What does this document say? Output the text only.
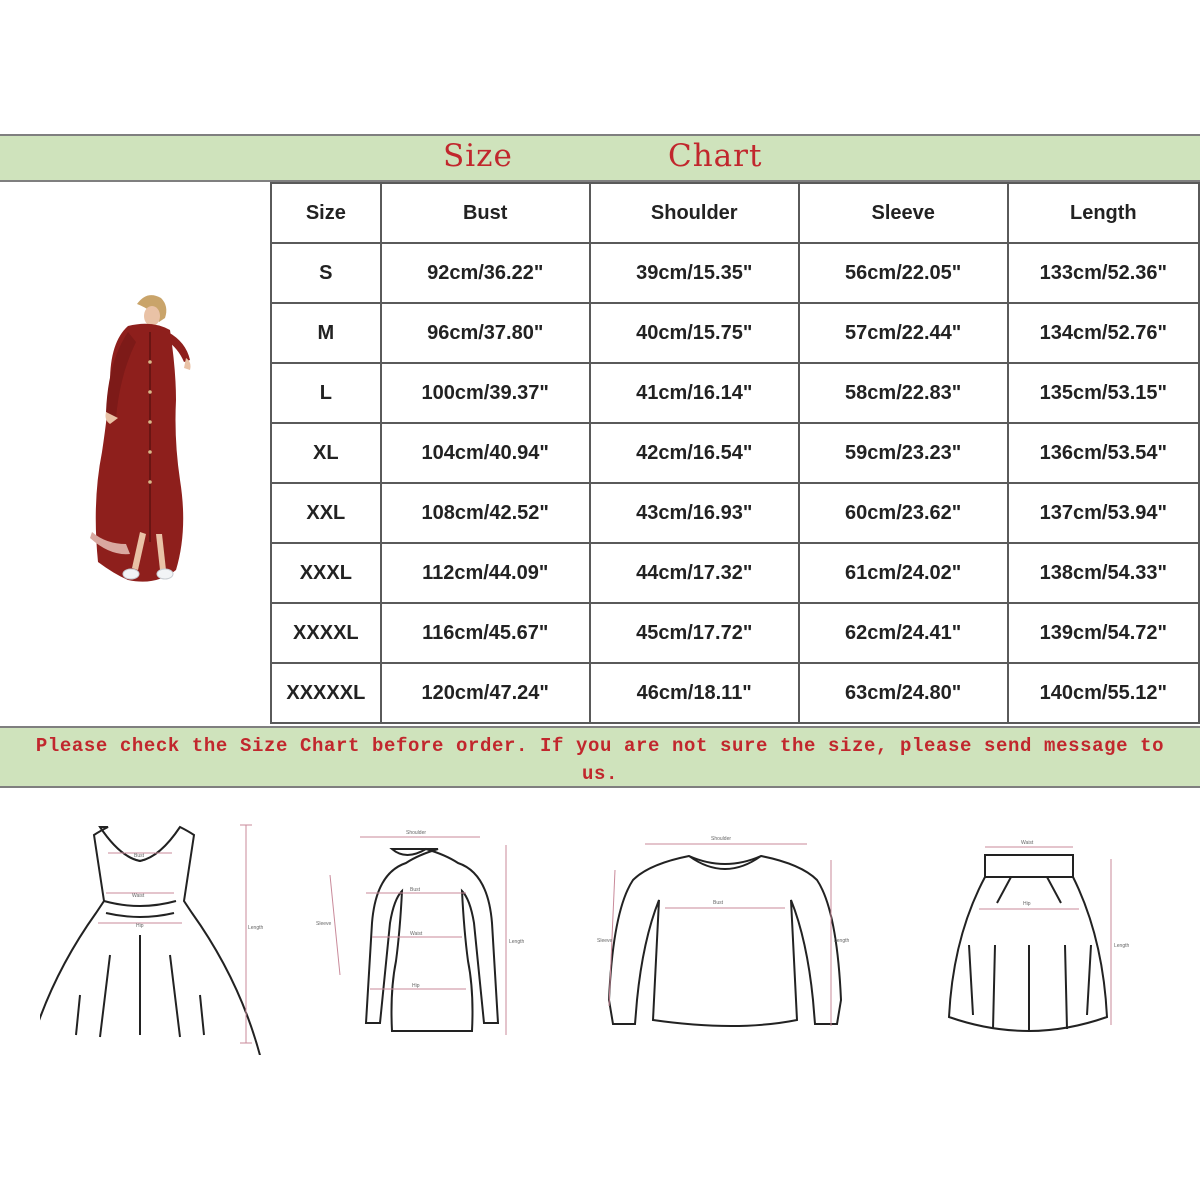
Size	Chart
Size	Bust	Shoulder	Sleeve	Length
S	92cm/36.22"	39cm/15.35"	56cm/22.05"	133cm/52.36"
M	96cm/37.80"	40cm/15.75"	57cm/22.44"	134cm/52.76"
L	100cm/39.37"	41cm/16.14"	58cm/22.83"	135cm/53.15"
XL	104cm/40.94"	42cm/16.54"	59cm/23.23"	136cm/53.54"
XXL	108cm/42.52"	43cm/16.93"	60cm/23.62"	137cm/53.94"
XXXL	112cm/44.09"	44cm/17.32"	61cm/24.02"	138cm/54.33"
XXXXL	116cm/45.67"	45cm/17.72"	62cm/24.41"	139cm/54.72"
XXXXXL	120cm/47.24"	46cm/18.11"	63cm/24.80"	140cm/55.12"
Please check the Size Chart before order. If you are not sure the size, please send message to us.
Bust
Waist
Hip	Length
Shoulder
Sleeve
Bust
Waist
Hip
Length
Shoulder
Sleeve
Bust
Length
Waist
Hip
Length
